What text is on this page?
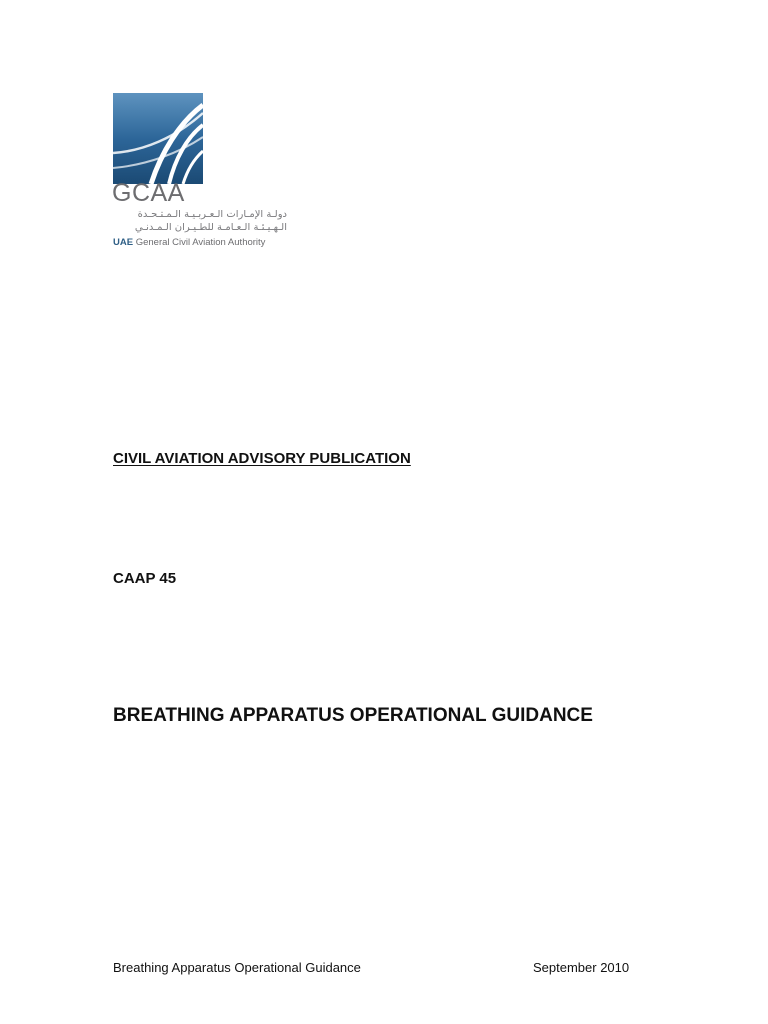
GCAA
دولـة الإمـارات الـعـربـيـة الـمـتـحـدة
الـهـيـئـة الـعـامـة للطـيـران الـمـدنـي
UAE General Civil Aviation Authority
CIVIL AVIATION ADVISORY PUBLICATION
CAAP 45
BREATHING APPARATUS OPERATIONAL GUIDANCE
Breathing Apparatus Operational Guidance	September 2010
